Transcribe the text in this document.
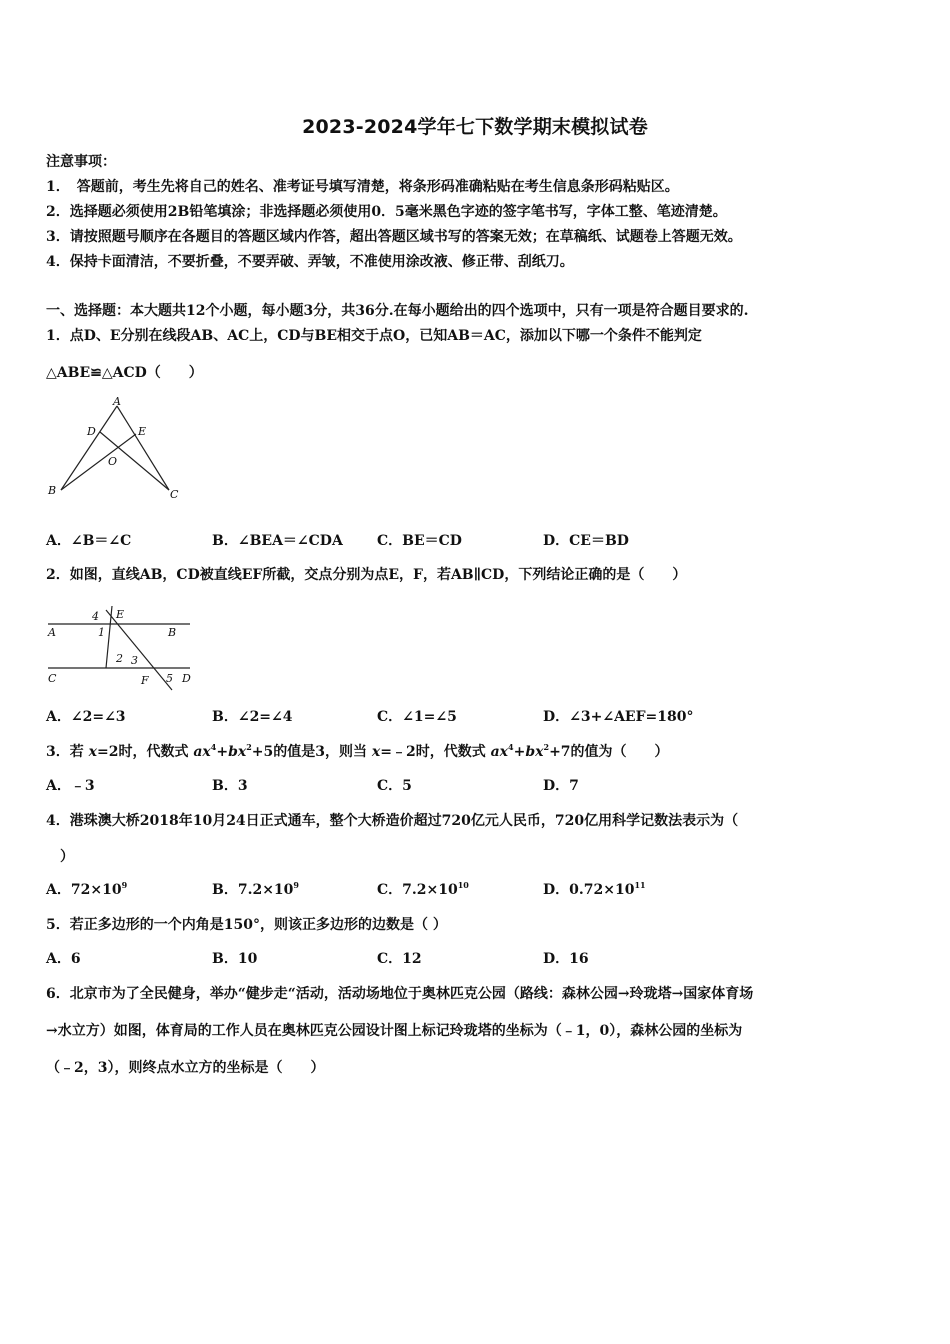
2023-2024学年七下数学期末模拟试卷
注意事项：
1．　答题前，考生先将自己的姓名、准考证号填写清楚，将条形码准确粘贴在考生信息条形码粘贴区。
2．选择题必须使用2B铅笔填涂；非选择题必须使用0．5毫米黑色字迹的签字笔书写，字体工整、笔迹清楚。
3．请按照题号顺序在各题目的答题区域内作答，超出答题区域书写的答案无效；在草稿纸、试题卷上答题无效。
4．保持卡面清洁，不要折叠，不要弄破、弄皱，不准使用涂改液、修正带、刮纸刀。
一、选择题：本大题共12个小题，每小题3分，共36分.在每小题给出的四个选项中，只有一项是符合题目要求的.
1．点D、E分别在线段AB、AC上，CD与BE相交于点O，已知AB＝AC，添加以下哪一个条件不能判定
△ABE≌△ACD（　　）
A
D	E
O
B	C
A．∠B＝∠C	B．∠BEA＝∠CDA C．BE＝CD	D．CE＝BD
2．如图，直线AB，CD被直线EF所截，交点分别为点E，F，若AB∥CD，下列结论正确的是（　　）
4 E
A	1	B
2 3
C	F 5 D
A．∠2=∠3	B．∠2=∠4	C．∠1=∠5	D．∠3+∠AEF=180°
3．若 x=2时，代数式 $ax^4+bx^2+5$的值是3，则当 x=﹣2时，代数式 $ax^4+bx^2+7$的值为（　　）
A．﹣3	B．3	C．5	D．7
4．港珠澳大桥2018年10月24日正式通车，整个大桥造价超过720亿元人民币，720亿用科学记数法表示为（
）
A．$72\times 10^9$	B．$7.2\times 10^9$	C．$7.2\times 10^{10}$	D．$0.72\times 10^{11}$
5．若正多边形的一个内角是150°，则该正多边形的边数是（ ）
A．6	B．10	C．12	D．16
6．北京市为了全民健身，举办“健步走“活动，活动场地位于奥林匹克公园（路线：森林公园→玲珑塔→国家体育场
→水立方）如图，体育局的工作人员在奥林匹克公园设计图上标记玲珑塔的坐标为（﹣1，0），森林公园的坐标为
（﹣2，3），则终点水立方的坐标是（　　）
